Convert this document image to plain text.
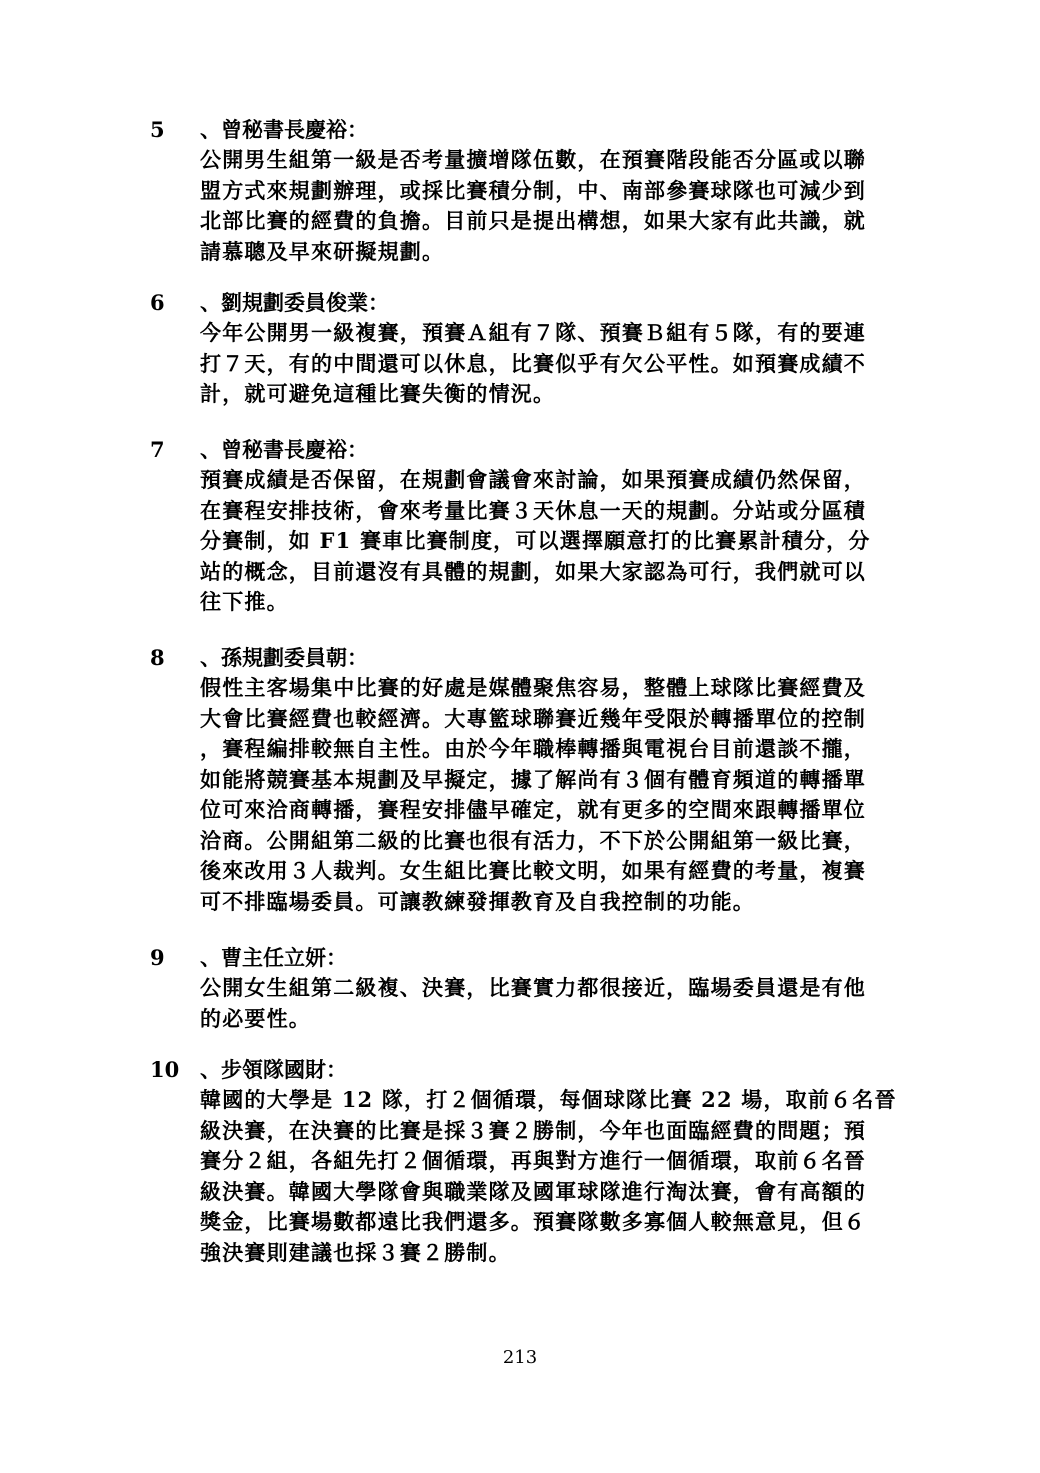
5 、曾秘書長慶裕：
公開男生組第一級是否考量擴增隊伍數，在預賽階段能否分區或以聯
盟方式來規劃辦理，或採比賽積分制，中、南部參賽球隊也可減少到
北部比賽的經費的負擔。目前只是提出構想，如果大家有此共識，就
請慕聰及早來研擬規劃。
6 、劉規劃委員俊業：
今年公開男一級複賽，預賽Ａ組有７隊、預賽Ｂ組有５隊，有的要連
打７天，有的中間還可以休息，比賽似乎有欠公平性。如預賽成績不
計，就可避免這種比賽失衡的情況。
7 、曾秘書長慶裕：
預賽成績是否保留，在規劃會議會來討論，如果預賽成績仍然保留，
在賽程安排技術，會來考量比賽３天休息一天的規劃。分站或分區積
分賽制，如 F1 賽車比賽制度，可以選擇願意打的比賽累計積分，分
站的概念，目前還沒有具體的規劃，如果大家認為可行，我們就可以
往下推。
8 、孫規劃委員朝：
假性主客場集中比賽的好處是媒體聚焦容易，整體上球隊比賽經費及
大會比賽經費也較經濟。大專籃球聯賽近幾年受限於轉播單位的控制
，賽程編排較無自主性。由於今年職棒轉播與電視台目前還談不攏，
如能將競賽基本規劃及早擬定，據了解尚有３個有體育頻道的轉播單
位可來洽商轉播，賽程安排儘早確定，就有更多的空間來跟轉播單位
洽商。公開組第二級的比賽也很有活力，不下於公開組第一級比賽，
後來改用３人裁判。女生組比賽比較文明，如果有經費的考量，複賽
可不排臨場委員。可讓教練發揮教育及自我控制的功能。
9 、曹主任立妍：
公開女生組第二級複、決賽，比賽實力都很接近，臨場委員還是有他
的必要性。
10 、步領隊國財：
韓國的大學是 12 隊，打２個循環，每個球隊比賽 22 場，取前６名晉
級決賽，在決賽的比賽是採３賽２勝制，今年也面臨經費的問題；預
賽分２組，各組先打２個循環，再與對方進行一個循環，取前６名晉
級決賽。韓國大學隊會與職業隊及國軍球隊進行淘汰賽，會有高額的
獎金，比賽場數都遠比我們還多。預賽隊數多寡個人較無意見，但６
強決賽則建議也採３賽２勝制。
213
